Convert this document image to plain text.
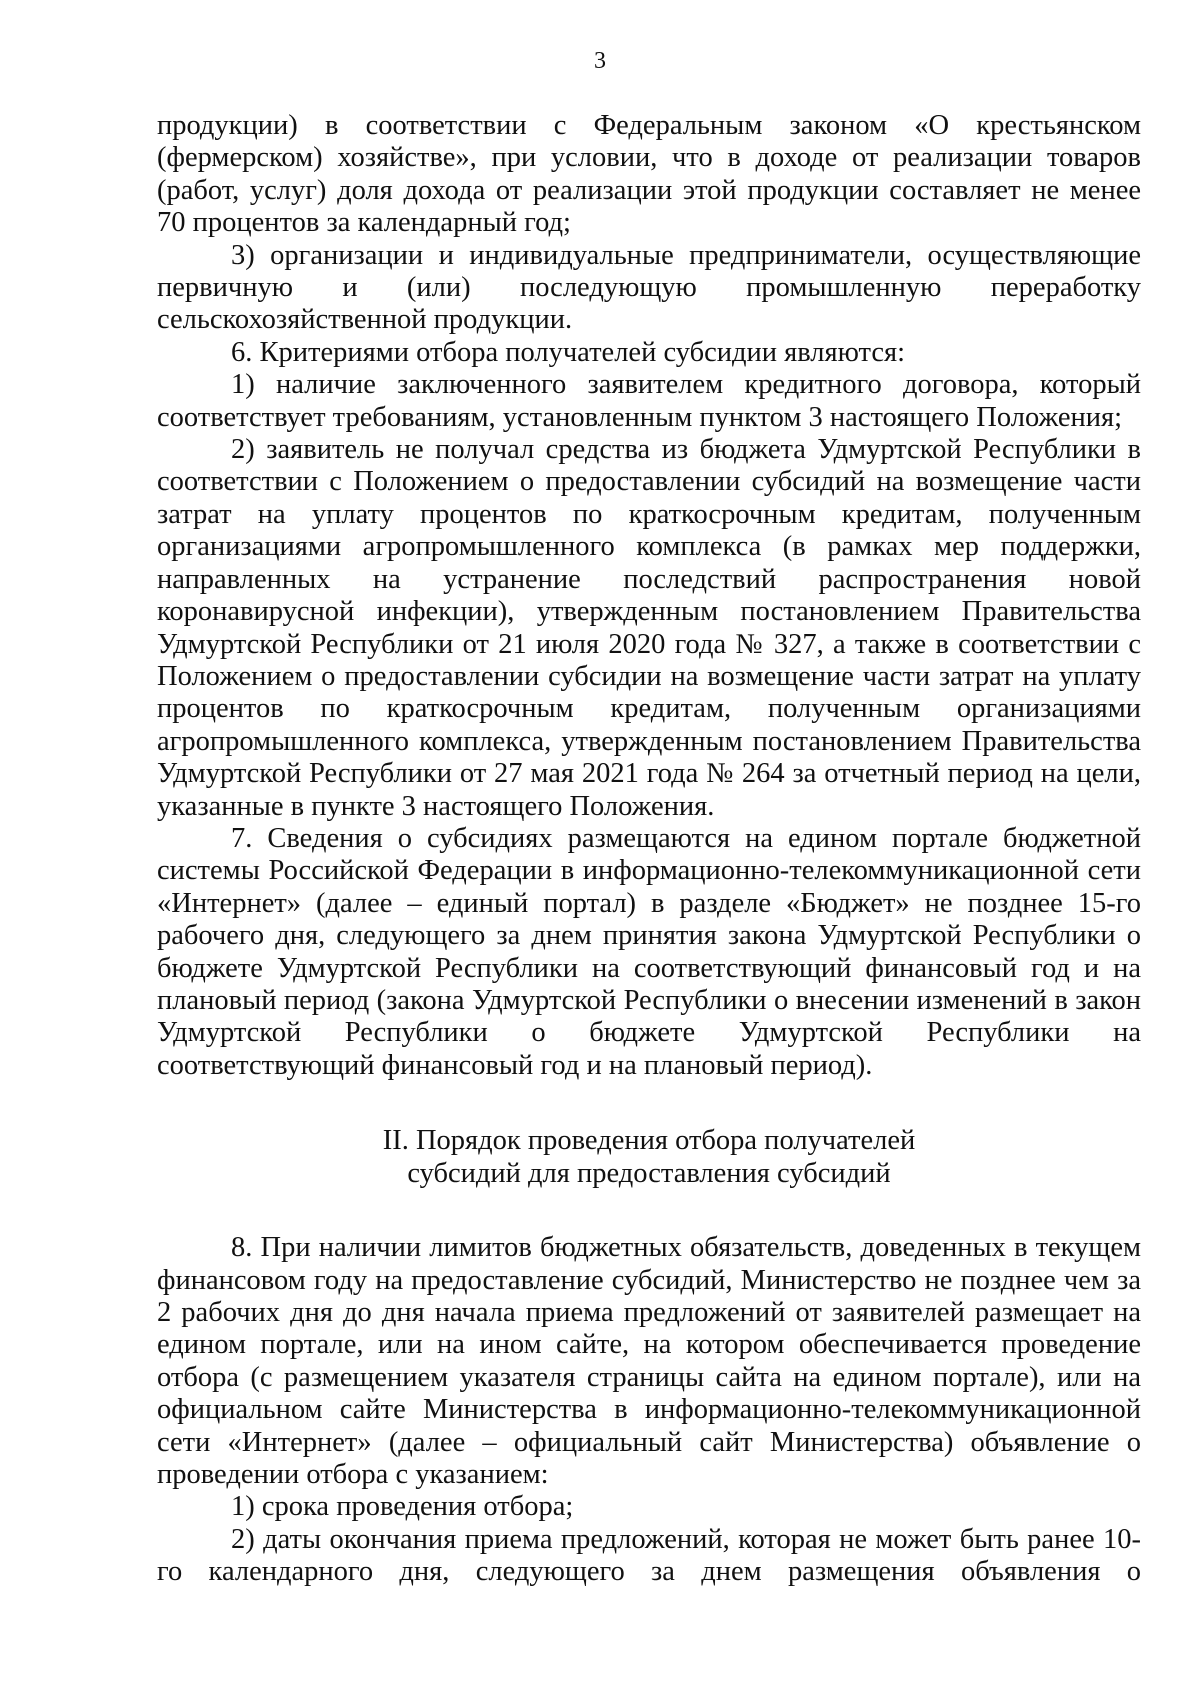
3

продукции) в соответствии с Федеральным законом «О крестьянском (фермерском) хозяйстве», при условии, что в доходе от реализации товаров (работ, услуг) доля дохода от реализации этой продукции составляет не менее 70 процентов за календарный год;

3) организации и индивидуальные предприниматели, осуществляющие первичную и (или) последующую промышленную переработку сельскохозяйственной продукции.

6. Критериями отбора получателей субсидии являются:

1) наличие заключенного заявителем кредитного договора, который соответствует требованиям, установленным пунктом 3 настоящего Положения;

2) заявитель не получал средства из бюджета Удмуртской Республики в соответствии с Положением о предоставлении субсидий на возмещение части затрат на уплату процентов по краткосрочным кредитам, полученным организациями агропромышленного комплекса (в рамках мер поддержки, направленных на устранение последствий распространения новой коронавирусной инфекции), утвержденным постановлением Правительства Удмуртской Республики от 21 июля 2020 года № 327, а также в соответствии с Положением о предоставлении субсидии на возмещение части затрат на уплату процентов по краткосрочным кредитам, полученным организациями агропромышленного комплекса, утвержденным постановлением Правительства Удмуртской Республики от 27 мая 2021 года № 264 за отчетный период на цели, указанные в пункте 3 настоящего Положения.

7. Сведения о субсидиях размещаются на едином портале бюджетной системы Российской Федерации в информационно-телекоммуникационной сети «Интернет» (далее – единый портал) в разделе «Бюджет» не позднее 15-го рабочего дня, следующего за днем принятия закона Удмуртской Республики о бюджете Удмуртской Республики на соответствующий финансовый год и на плановый период (закона Удмуртской Республики о внесении изменений в закон Удмуртской Республики о бюджете Удмуртской Республики на соответствующий финансовый год и на плановый период).

II. Порядок проведения отбора получателей
субсидий для предоставления субсидий

8. При наличии лимитов бюджетных обязательств, доведенных в текущем финансовом году на предоставление субсидий, Министерство не позднее чем за 2 рабочих дня до дня начала приема предложений от заявителей размещает на едином портале, или на ином сайте, на котором обеспечивается проведение отбора (с размещением указателя страницы сайта на едином портале), или на официальном сайте Министерства в информационно-телекоммуникационной сети «Интернет» (далее – официальный сайт Министерства) объявление о проведении отбора с указанием:

1) срока проведения отбора;

2) даты окончания приема предложений, которая не может быть ранее 10-го календарного дня, следующего за днем размещения объявления о
